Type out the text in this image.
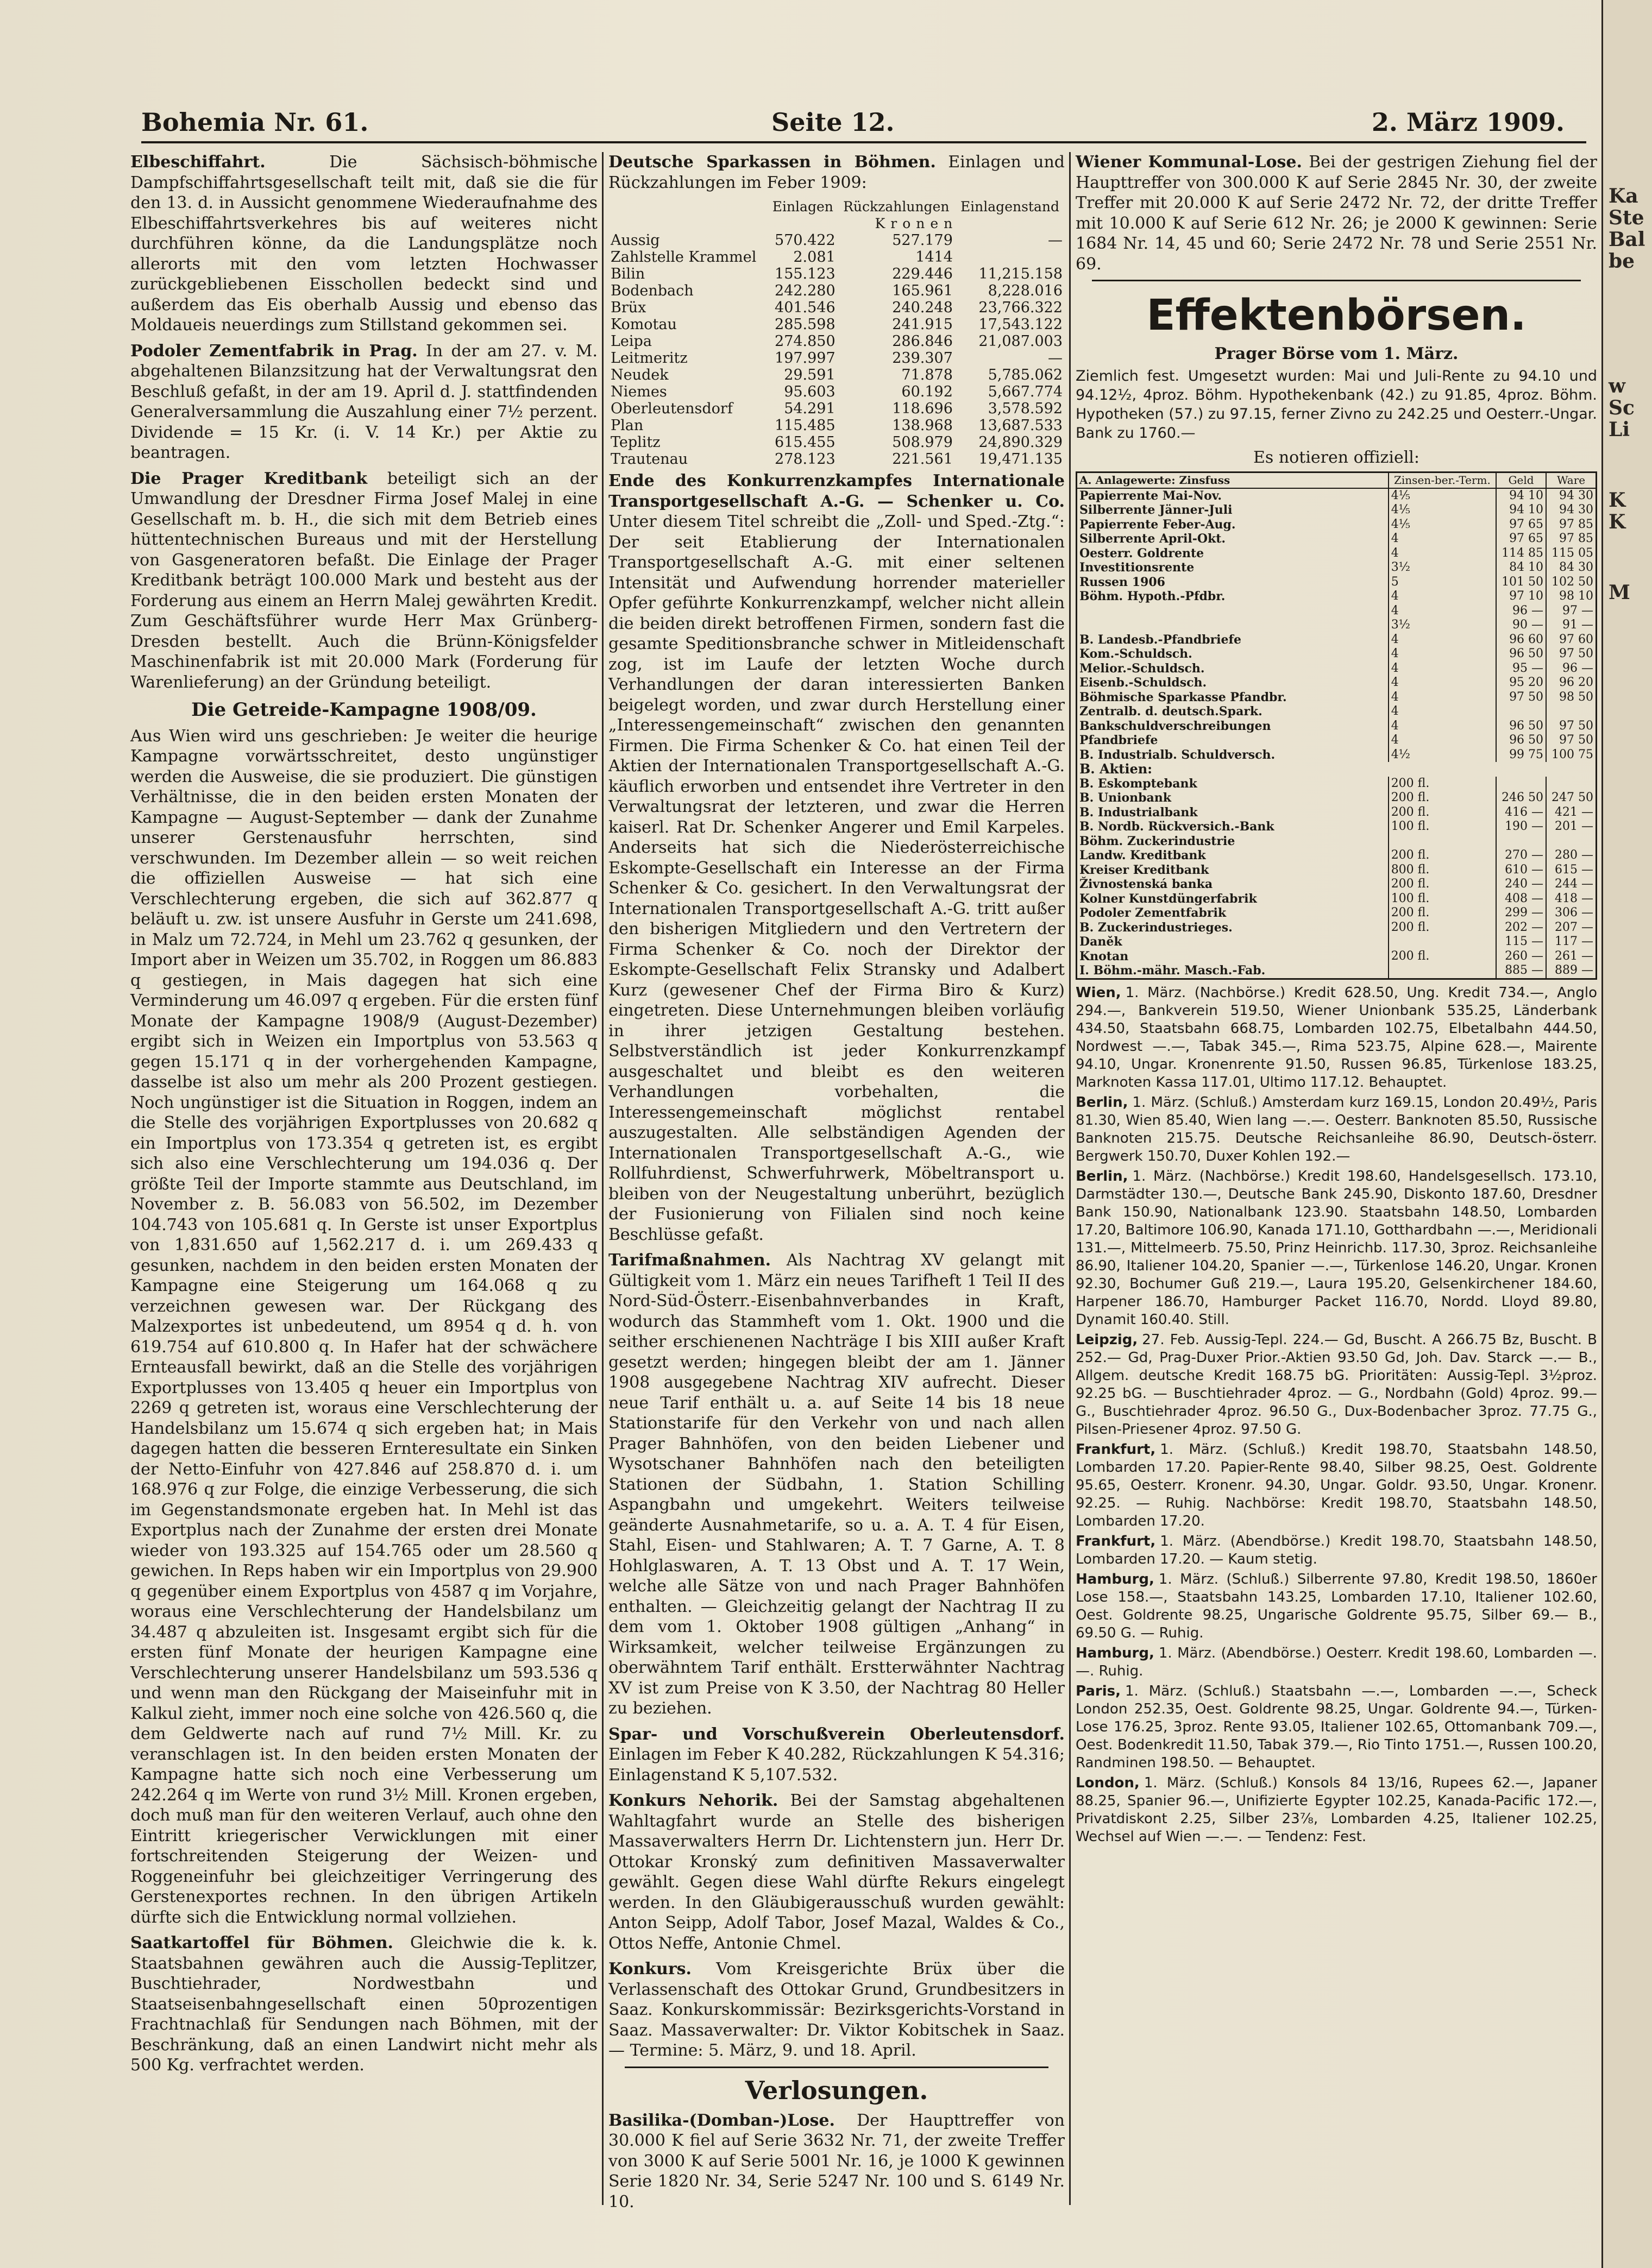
Ka
Ste
Bal
be
w
Sc
Li
K
K
M
Bohemia Nr. 61.	Seite 12.	2. März 1909.
Elbeschiffahrt.	Die Sächsisch-böhmische Dampfschiffahrtsgesellschaft teilt mit, daß sie die für den 13. d. in Aussicht genommene Wiederaufnahme des Elbeschiffahrtsverkehres bis auf weiteres nicht durchführen könne, da die Landungsplätze noch allerorts mit den vom letzten Hochwasser zurückgebliebenen Eisschollen bedeckt sind und außerdem das Eis oberhalb Aussig und ebenso das Moldaueis neuerdings zum Stillstand gekommen sei.
Podoler Zementfabrik in Prag. In der am 27. v. M. abgehaltenen Bilanzsitzung hat der Verwaltungsrat den Beschluß gefaßt, in der am 19. April d. J. stattfindenden Generalversammlung die Auszahlung einer 7½ perzent. Dividende = 15 Kr. (i. V. 14 Kr.) per Aktie zu beantragen.
Die Prager Kreditbank beteiligt sich an der Umwandlung der Dresdner Firma Josef Malej in eine Gesellschaft m. b. H., die sich mit dem Betrieb eines hüttentechnischen Bureaus und mit der Herstellung von Gasgeneratoren befaßt. Die Einlage der Prager Kreditbank beträgt 100.000 Mark und besteht aus der Forderung aus einem an Herrn Malej gewährten Kredit. Zum Geschäftsführer wurde Herr Max Grünberg-Dresden bestellt. Auch die Brünn-Königsfelder Maschinenfabrik ist mit 20.000 Mark (Forderung für Warenlieferung) an der Gründung beteiligt.
Die Getreide-Kampagne 1908/09.
Aus Wien wird uns geschrieben: Je weiter die heurige Kampagne vorwärtsschreitet, desto ungünstiger werden die Ausweise, die sie produziert. Die günstigen Verhältnisse, die in den beiden ersten Monaten der Kampagne — August-September — dank der Zunahme unserer Gerstenausfuhr herrschten, sind verschwunden. Im Dezember allein — so weit reichen die offiziellen Ausweise — hat sich eine Verschlechterung ergeben, die sich auf 362.877 q beläuft u. zw. ist unsere Ausfuhr in Gerste um 241.698, in Malz um 72.724, in Mehl um 23.762 q gesunken, der Import aber in Weizen um 35.702, in Roggen um 86.883 q gestiegen, in Mais dagegen hat sich eine Verminderung um 46.097 q ergeben. Für die ersten fünf Monate der Kampagne 1908/9 (August-Dezember) ergibt sich in Weizen ein Importplus von 53.563 q gegen 15.171 q in der vorhergehenden Kampagne, dasselbe ist also um mehr als 200 Prozent gestiegen. Noch ungünstiger ist die Situation in Roggen, indem an die Stelle des vorjährigen Exportplusses von 20.682 q ein Importplus von 173.354 q getreten ist, es ergibt sich also eine Verschlechterung um 194.036 q. Der größte Teil der Importe stammte aus Deutschland, im November z. B. 56.083 von 56.502, im Dezember 104.743 von 105.681 q. In Gerste ist unser Exportplus von 1,831.650 auf 1,562.217 d. i. um 269.433 q gesunken, nachdem in den beiden ersten Monaten der Kampagne eine Steigerung um 164.068 q zu verzeichnen gewesen war. Der Rückgang des Malzexportes ist unbedeutend, um 8954 q d. h. von 619.754 auf 610.800 q. In Hafer hat der schwächere Ernteausfall bewirkt, daß an die Stelle des vorjährigen Exportplusses von 13.405 q heuer ein Importplus von 2269 q getreten ist, woraus eine Verschlechterung der Handelsbilanz um 15.674 q sich ergeben hat; in Mais dagegen hatten die besseren Ernteresultate ein Sinken der Netto-Einfuhr von 427.846 auf 258.870 d. i. um 168.976 q zur Folge, die einzige Verbesserung, die sich im Gegenstandsmonate ergeben hat. In Mehl ist das Exportplus nach der Zunahme der ersten drei Monate wieder von 193.325 auf 154.765 oder um 28.560 q gewichen. In Reps haben wir ein Importplus von 29.900 q gegenüber einem Exportplus von 4587 q im Vorjahre, woraus eine Verschlechterung der Handelsbilanz um 34.487 q abzuleiten ist. Insgesamt ergibt sich für die ersten fünf Monate der heurigen Kampagne eine Verschlechterung unserer Handelsbilanz um 593.536 q und wenn man den Rückgang der Maiseinfuhr mit in Kalkul zieht, immer noch eine solche von 426.560 q, die dem Geldwerte nach auf rund 7½ Mill. Kr. zu veranschlagen ist. In den beiden ersten Monaten der Kampagne hatte sich noch eine Verbesserung um 242.264 q im Werte von rund 3½ Mill. Kronen ergeben, doch muß man für den weiteren Verlauf, auch ohne den Eintritt kriegerischer Verwicklungen mit einer fortschreitenden Steigerung der Weizen- und Roggeneinfuhr bei gleichzeitiger Verringerung des Gerstenexportes rechnen. In den übrigen Artikeln dürfte sich die Entwicklung normal vollziehen.
Saatkartoffel für Böhmen. Gleichwie die k. k. Staatsbahnen gewähren auch die Aussig-Teplitzer, Buschtiehrader, Nordwestbahn und Staatseisenbahngesellschaft einen 50prozentigen Frachtnachlaß für Sendungen nach Böhmen, mit der Beschränkung, daß an einen Landwirt nicht mehr als 500 Kg. verfrachtet werden.
Deutsche Sparkassen in Böhmen. Einlagen und Rückzahlungen im Feber 1909:
	Einlagen	Rückzahlungen	Einlagenstand
	Kronen		
Aussig	570.422	527.179	—
Zahlstelle Krammel	2.081	1414	
Bilin	155.123	229.446	11,215.158
Bodenbach	242.280	165.961	8,228.016
Brüx	401.546	240.248	23,766.322
Komotau	285.598	241.915	17,543.122
Leipa	274.850	286.846	21,087.003
Leitmeritz	197.997	239.307	—
Neudek	29.591	71.878	5,785.062
Niemes	95.603	60.192	5,667.774
Oberleutensdorf	54.291	118.696	3,578.592
Plan	115.485	138.968	13,687.533
Teplitz	615.455	508.979	24,890.329
Trautenau	278.123	221.561	19,471.135
Ende des Konkurrenzkampfes Internationale Transportgesellschaft A.-G. — Schenker u. Co. Unter diesem Titel schreibt die „Zoll- und Sped.-Ztg.“: Der seit Etablierung der Internationalen Transportgesellschaft A.-G. mit einer seltenen Intensität und Aufwendung horrender materieller Opfer geführte Konkurrenzkampf, welcher nicht allein die beiden direkt betroffenen Firmen, sondern fast die gesamte Speditionsbranche schwer in Mitleidenschaft zog, ist im Laufe der letzten Woche durch Verhandlungen der daran interessierten Banken beigelegt worden, und zwar durch Herstellung einer „Interessengemeinschaft“ zwischen den genannten Firmen. Die Firma Schenker & Co. hat einen Teil der Aktien der Internationalen Transportgesellschaft A.-G. käuflich erworben und entsendet ihre Vertreter in den Verwaltungsrat der letzteren, und zwar die Herren kaiserl. Rat Dr. Schenker Angerer und Emil Karpeles. Anderseits hat sich die Niederösterreichische Eskompte-Gesellschaft ein Interesse an der Firma Schenker & Co. gesichert. In den Verwaltungsrat der Internationalen Transportgesellschaft A.-G. tritt außer den bisherigen Mitgliedern und den Vertretern der Firma Schenker & Co. noch der Direktor der Eskompte-Gesellschaft Felix Stransky und Adalbert Kurz (gewesener Chef der Firma Biro & Kurz) eingetreten. Diese Unternehmungen bleiben vorläufig in ihrer jetzigen Gestaltung bestehen. Selbstverständlich ist jeder Konkurrenzkampf ausgeschaltet und bleibt es den weiteren Verhandlungen vorbehalten, die Interessengemeinschaft möglichst rentabel auszugestalten. Alle selbständigen Agenden der Internationalen Transportgesellschaft A.-G., wie Rollfuhrdienst, Schwerfuhrwerk, Möbeltransport u. bleiben von der Neugestaltung unberührt, bezüglich der Fusionierung von Filialen sind noch keine Beschlüsse gefaßt.
Tarifmaßnahmen. Als Nachtrag XV gelangt mit Gültigkeit vom 1. März ein neues Tarifheft 1 Teil II des Nord-Süd-Österr.-Eisenbahnverbandes in Kraft, wodurch das Stammheft vom 1. Okt. 1900 und die seither erschienenen Nachträge I bis XIII außer Kraft gesetzt werden; hingegen bleibt der am 1. Jänner 1908 ausgegebene Nachtrag XIV aufrecht. Dieser neue Tarif enthält u. a. auf Seite 14 bis 18 neue Stationstarife für den Verkehr von und nach allen Prager Bahnhöfen, von den beiden Liebener und Wysotschaner Bahnhöfen nach den beteiligten Stationen der Südbahn, 1. Station Schilling Aspangbahn und umgekehrt. Weiters teilweise geänderte Ausnahmetarife, so u. a. A. T. 4 für Eisen, Stahl, Eisen- und Stahlwaren; A. T. 7 Garne, A. T. 8 Hohlglaswaren, A. T. 13 Obst und A. T. 17 Wein, welche alle Sätze von und nach Prager Bahnhöfen enthalten. — Gleichzeitig gelangt der Nachtrag II zu dem vom 1. Oktober 1908 gültigen „Anhang“ in Wirksamkeit, welcher teilweise Ergänzungen zu oberwähntem Tarif enthält. Erstterwähnter Nachtrag XV ist zum Preise von K 3.50, der Nachtrag 80 Heller zu beziehen.
Spar- und Vorschußverein Oberleutensdorf. Einlagen im Feber K 40.282, Rückzahlungen K 54.316; Einlagenstand K 5,107.532.
Konkurs Nehorik. Bei der Samstag abgehaltenen Wahltagfahrt wurde an Stelle des bisherigen Massaverwalters Herrn Dr. Lichtenstern jun. Herr Dr. Ottokar Kronský zum definitiven Massaverwalter gewählt. Gegen diese Wahl dürfte Rekurs eingelegt werden. In den Gläubigerausschuß wurden gewählt: Anton Seipp, Adolf Tabor, Josef Mazal, Waldes & Co., Ottos Neffe, Antonie Chmel.
Konkurs. Vom Kreisgerichte Brüx über die Verlassenschaft des Ottokar Grund, Grundbesitzers in Saaz. Konkurskommissär: Bezirksgerichts-Vorstand in Saaz. Massaverwalter: Dr. Viktor Kobitschek in Saaz. — Termine: 5. März, 9. und 18. April.
Verlosungen.
Basilika-(Domban-)Lose. Der Haupttreffer von 30.000 K fiel auf Serie 3632 Nr. 71, der zweite Treffer von 3000 K auf Serie 5001 Nr. 16, je 1000 K gewinnen Serie 1820 Nr. 34, Serie 5247 Nr. 100 und S. 6149 Nr. 10.
Wiener Kommunal-Lose. Bei der gestrigen Ziehung fiel der Haupttreffer von 300.000 K auf Serie 2845 Nr. 30, der zweite Treffer mit 20.000 K auf Serie 2472 Nr. 72, der dritte Treffer mit 10.000 K auf Serie 612 Nr. 26; je 2000 K gewinnen: Serie 1684 Nr. 14, 45 und 60; Serie 2472 Nr. 78 und Serie 2551 Nr. 69.
Effektenbörsen.
Prager Börse vom 1. März.
Ziemlich fest. Umgesetzt wurden: Mai und Juli-Rente zu 94.10 und 94.12½, 4proz. Böhm. Hypothekenbank (42.) zu 91.85, 4proz. Böhm. Hypotheken (57.) zu 97.15, ferner Zivno zu 242.25 und Oesterr.-Ungar. Bank zu 1760.—
Es notieren offiziell:
A. Anlagewerte: Zinsfuss	Zinsen-ber.-Term.	Geld	Ware
Papierrente Mai-Nov.	4⅕	94 10	94 30
Silberrente Jänner-Juli	4⅕	94 10	94 30
Papierrente Feber-Aug.	4⅕	97 65	97 85
Silberrente April-Okt.	4	97 65	97 85
Oesterr. Goldrente	4	114 85	115 05
Investitionsrente	3½	84 10	84 30
Russen 1906	5	101 50	102 50
Böhm. Hypoth.-Pfdbr.	4	97 10	98 10
	4	96 —	97 —
	3½	90 —	91 —
B. Landesb.-Pfandbriefe	4	96 60	97 60
Kom.-Schuldsch.	4	96 50	97 50
Melior.-Schuldsch.	4	95 —	96 —
Eisenb.-Schuldsch.	4	95 20	96 20
Böhmische Sparkasse Pfandbr.	4	97 50	98 50
Zentralb. d. deutsch.Spark.	4		
Bankschuldverschreibungen	4	96 50	97 50
Pfandbriefe	4	96 50	97 50
B. Industrialb. Schuldversch.	4½	99 75	100 75
B. Aktien:			
B. Eskomptebank	200 fl.		
B. Unionbank	200 fl.	246 50	247 50
B. Industrialbank	200 fl.	416 —	421 —
B. Nordb. Rückversich.-Bank	100 fl.	190 —	201 —
Böhm. Zuckerindustrie			
Landw. Kreditbank	200 fl.	270 —	280 —
Kreiser Kreditbank	800 fl.	610 —	615 —
Živnostenská banka	200 fl.	240 —	244 —
Kolner Kunstdüngerfabrik	100 fl.	408 —	418 —
Podoler Zementfabrik	200 fl.	299 —	306 —
B. Zuckerindustrieges.	200 fl.	202 —	207 —
Daněk		115 —	117 —
Knotan	200 fl.	260 —	261 —
I. Böhm.-mähr. Masch.-Fab.		885 —	889 —
Wien, 1. März. (Nachbörse.) Kredit 628.50, Ung. Kredit 734.—, Anglo 294.—, Bankverein 519.50, Wiener Unionbank 535.25, Länderbank 434.50, Staatsbahn 668.75, Lombarden 102.75, Elbetalbahn 444.50, Nordwest —.—, Tabak 345.—, Rima 523.75, Alpine 628.—, Mairente 94.10, Ungar. Kronenrente 91.50, Russen 96.85, Türkenlose 183.25, Marknoten Kassa 117.01, Ultimo 117.12. Behauptet.
Berlin, 1. März. (Schluß.) Amsterdam kurz 169.15, London 20.49½, Paris 81.30, Wien 85.40, Wien lang —.—. Oesterr. Banknoten 85.50, Russische Banknoten 215.75. Deutsche Reichsanleihe 86.90, Deutsch-österr. Bergwerk 150.70, Duxer Kohlen 192.—
Berlin, 1. März. (Nachbörse.) Kredit 198.60, Handelsgesellsch. 173.10, Darmstädter 130.—, Deutsche Bank 245.90, Diskonto 187.60, Dresdner Bank 150.90, Nationalbank 123.90. Staatsbahn 148.50, Lombarden 17.20, Baltimore 106.90, Kanada 171.10, Gotthardbahn —.—, Meridionali 131.—, Mittelmeerb. 75.50, Prinz Heinrichb. 117.30, 3proz. Reichsanleihe 86.90, Italiener 104.20, Spanier —.—, Türkenlose 146.20, Ungar. Kronen 92.30, Bochumer Guß 219.—, Laura 195.20, Gelsenkirchener 184.60, Harpener 186.70, Hamburger Packet 116.70, Nordd. Lloyd 89.80, Dynamit 160.40. Still.
Leipzig, 27. Feb. Aussig-Tepl. 224.— Gd, Buscht. A 266.75 Bz, Buscht. B 252.— Gd, Prag-Duxer Prior.-Aktien 93.50 Gd, Joh. Dav. Starck —.— B., Allgem. deutsche Kredit 168.75 bG. Prioritäten: Aussig-Tepl. 3½proz. 92.25 bG. — Buschtiehrader 4proz. — G., Nordbahn (Gold) 4proz. 99.— G., Buschtiehrader 4proz. 96.50 G., Dux-Bodenbacher 3proz. 77.75 G., Pilsen-Priesener 4proz. 97.50 G.
Frankfurt, 1. März. (Schluß.) Kredit 198.70, Staatsbahn 148.50, Lombarden 17.20. Papier-Rente 98.40, Silber 98.25, Oest. Goldrente 95.65, Oesterr. Kronenr. 94.30, Ungar. Goldr. 93.50, Ungar. Kronenr. 92.25. — Ruhig. Nachbörse: Kredit 198.70, Staatsbahn 148.50, Lombarden 17.20.
Frankfurt, 1. März. (Abendbörse.) Kredit 198.70, Staatsbahn 148.50, Lombarden 17.20. — Kaum stetig.
Hamburg, 1. März. (Schluß.) Silberrente 97.80, Kredit 198.50, 1860er Lose 158.—, Staatsbahn 143.25, Lombarden 17.10, Italiener 102.60, Oest. Goldrente 98.25, Ungarische Goldrente 95.75, Silber 69.— B., 69.50 G. — Ruhig.
Hamburg, 1. März. (Abendbörse.) Oesterr. Kredit 198.60, Lombarden —.—. Ruhig.
Paris, 1. März. (Schluß.) Staatsbahn —.—, Lombarden —.—, Scheck London 252.35, Oest. Goldrente 98.25, Ungar. Goldrente 94.—, Türken-Lose 176.25, 3proz. Rente 93.05, Italiener 102.65, Ottomanbank 709.—, Oest. Bodenkredit 11.50, Tabak 379.—, Rio Tinto 1751.—, Russen 100.20, Randminen 198.50. — Behauptet.
London, 1. März. (Schluß.) Konsols 84 13/16, Rupees 62.—, Japaner 88.25, Spanier 96.—, Unifizierte Egypter 102.25, Kanada-Pacific 172.—, Privatdiskont 2.25, Silber 23⅞, Lombarden 4.25, Italiener 102.25, Wechsel auf Wien —.—. — Tendenz: Fest.
